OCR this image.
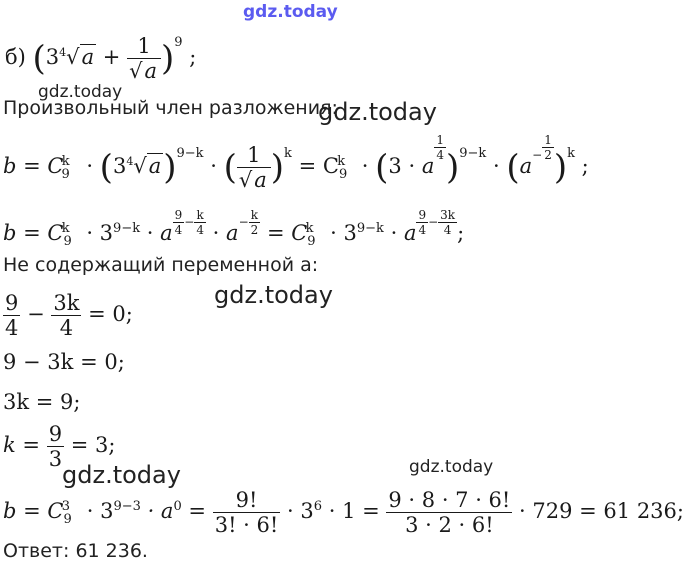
gdz.today
б) $(3^4√a + \frac{1}{√a} )^9$ ;
gdz.today
Произвольный член разложения:
gdz.today
$b = C_9^k \cdot (3^4√a)^{9-k}$ · ( $\frac{1}{√a} )^k = C_9^k \cdot (3 \cdot a$
$\frac{1}{4} )^{9-k} \cdot (a^- \frac{1}{2} )^k$ ;
$b = C_9^k \cdot 3^{9-k} \cdot a$ $^{\frac{9}{4} - \frac{k}{4}} \cdot a^{- \frac{k}{2}} = C_9^k \cdot 3^{9-k} \cdot a$ $^{\frac{9}{4} - \frac{3k}{4}}$ ;
Не содержащий переменной a:
gdz.today
$\frac{9}{4} - \frac{3k}{4} = 0$;
9 − 3k = 0;
3k = 9;
$k = \frac{9}{3} = 3$;
gdz.today	gdz.today
$b = C_9^3 \cdot 3^{9-3} \cdot a^0 = \frac{9!}{3! \cdot 6!} \cdot 3^6 \cdot 1 = \frac{9 \cdot 8 \cdot 7 \cdot 6!}{3 \cdot 2 \cdot 6!} \cdot 729 = 61$ 236;
Ответ: 61 236.
